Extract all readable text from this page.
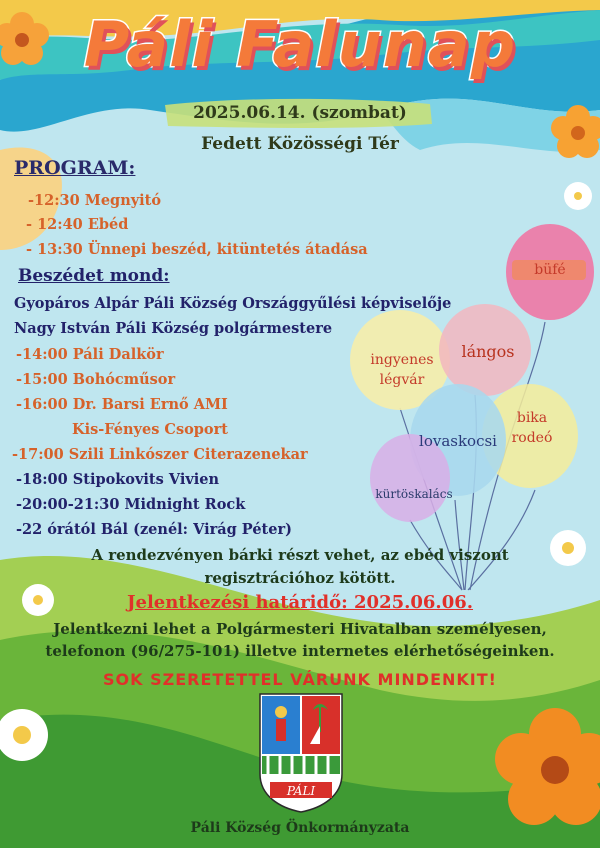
Páli Falunap
2025.06.14. (szombat)
Fedett Közösségi Tér
PROGRAM:
-12:30 Megnyitó
- 12:40 Ebéd
- 13:30 Ünnepi beszéd, kitüntetés átadása
Beszédet mond:
Gyopáros Alpár Páli Község Országgyűlési képviselője
Nagy István Páli Község polgármestere
-14:00 Páli Dalkör
-15:00 Bohócműsor
-16:00 Dr. Barsi Ernő AMI
Kis-Fényes Csoport
-17:00 Szili Linkószer Citerazenekar
-18:00 Stipokovits Vivien
-20:00-21:30 Midnight Rock
-22 órától Bál (zenél: Virág Péter)
A rendezvényen bárki részt vehet, az ebéd viszont
regisztrációhoz kötött.
Jelentkezési határidő: 2025.06.06.
Jelentkezni lehet a Polgármesteri Hivatalban személyesen,
telefonon (96/275-101) illetve internetes elérhetőségeinken.
SOK SZERETETTEL VÁRUNK MINDENKIT!
büfé
ingyenes
légvár
lángos
bika
rodeó
lovaskocsi
kürtöskalács
PÁLI
Páli Község Önkormányzata
